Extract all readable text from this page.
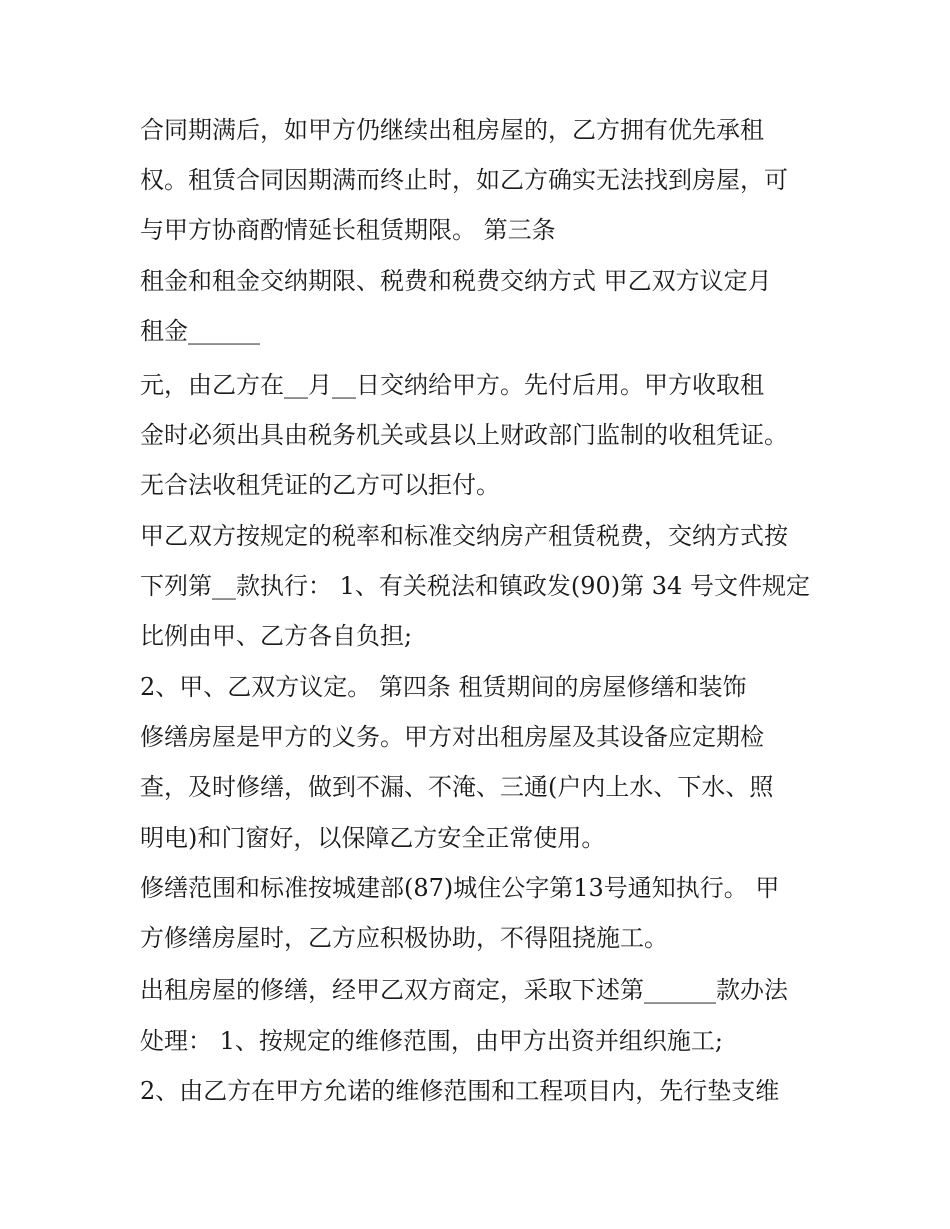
合同期满后，如甲方仍继续出租房屋的，乙方拥有优先承租
权。租赁合同因期满而终止时，如乙方确实无法找到房屋，可
与甲方协商酌情延长租赁期限。 第三条
租金和租金交纳期限、税费和税费交纳方式 甲乙双方议定月
租金______
元，由乙方在__月__日交纳给甲方。先付后用。甲方收取租
金时必须出具由税务机关或县以上财政部门监制的收租凭证。
无合法收租凭证的乙方可以拒付。
甲乙双方按规定的税率和标准交纳房产租赁税费，交纳方式按
下列第__款执行： 1、有关税法和镇政发(90)第 34 号文件规定
比例由甲、乙方各自负担;
2、甲、乙双方议定。 第四条 租赁期间的房屋修缮和装饰
修缮房屋是甲方的义务。甲方对出租房屋及其设备应定期检
查，及时修缮，做到不漏、不淹、三通(户内上水、下水、照
明电)和门窗好，以保障乙方安全正常使用。
修缮范围和标准按城建部(87)城住公字第13号通知执行。 甲
方修缮房屋时，乙方应积极协助，不得阻挠施工。
出租房屋的修缮，经甲乙双方商定，采取下述第______款办法
处理： 1、按规定的维修范围，由甲方出资并组织施工;
2、由乙方在甲方允诺的维修范围和工程项目内，先行垫支维
